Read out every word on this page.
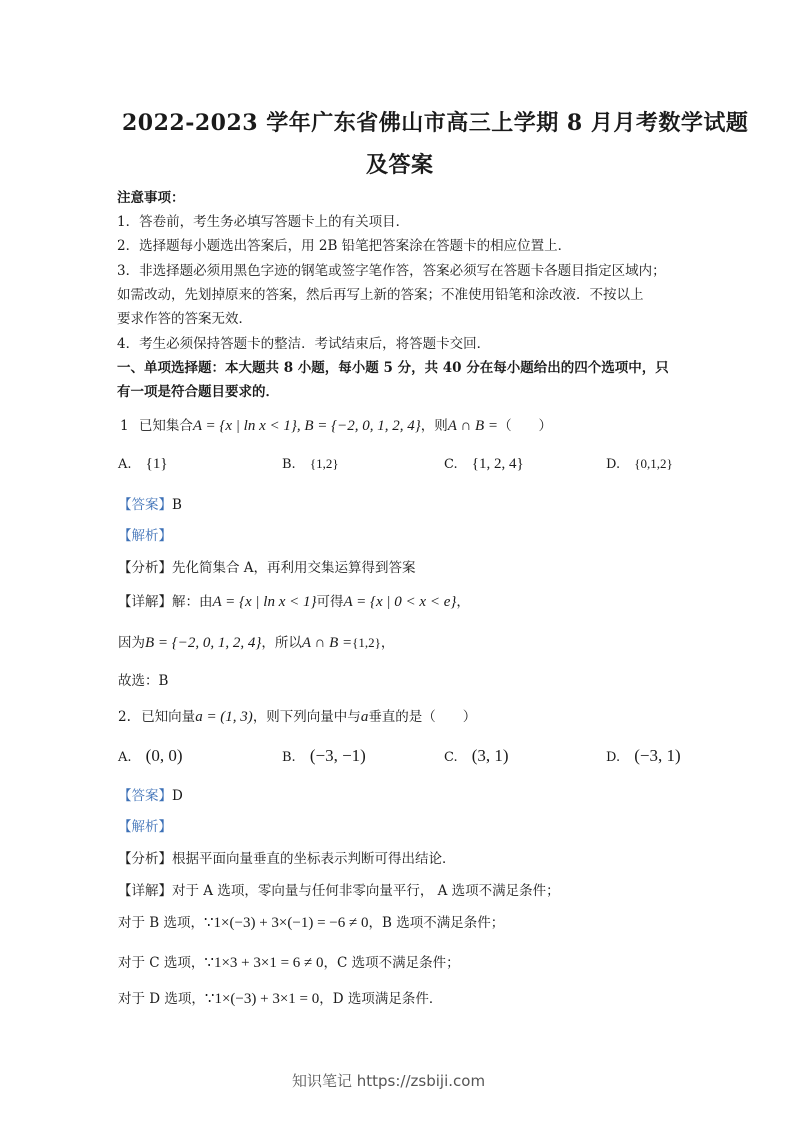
2022-2023 学年广东省佛山市高三上学期 8 月月考数学试题
及答案
注意事项：
1．答卷前，考生务必填写答题卡上的有关项目．
2．选择题每小题选出答案后，用 2B 铅笔把答案涂在答题卡的相应位置上．
3．非选择题必须用黑色字迹的钢笔或签字笔作答，答案必须写在答题卡各题目指定区域内；
如需改动，先划掉原来的答案，然后再写上新的答案；不准使用铅笔和涂改液．不按以上
要求作答的答案无效．
4．考生必须保持答题卡的整洁．考试结束后，将答题卡交回．
一、单项选择题：本大题共 8 小题，每小题 5 分，共 40 分在每小题给出的四个选项中，只
有一项是符合题目要求的．
1 已知集合A = {x | ln x < 1}, B = {−2, 0, 1, 2, 4}，则A ∩ B =（　　）
A. {1}	B. {1,2}	C. {1, 2, 4}	D. {0,1,2}
【答案】B
【解析】
【分析】先化简集合 A，再利用交集运算得到答案
【详解】解：由A = {x | ln x < 1}可得A = {x | 0 < x < e}，
因为B = {−2, 0, 1, 2, 4}，所以A ∩ B ={1,2}，
故选：B
2. 已知向量a = (1, 3)，则下列向量中与a垂直的是（　　）
A. (0, 0)	B. (−3, −1)	C. (3, 1)	D. (−3, 1)
【答案】D
【解析】
【分析】根据平面向量垂直的坐标表示判断可得出结论．
【详解】对于 A 选项，零向量与任何非零向量平行， A 选项不满足条件；
对于 B 选项，∵1×(−3) + 3×(−1) = −6 ≠ 0，B 选项不满足条件；
对于 C 选项，∵1×3 + 3×1 = 6 ≠ 0，C 选项不满足条件；
对于 D 选项，∵1×(−3) + 3×1 = 0，D 选项满足条件．
知识笔记 https://zsbiji.com
